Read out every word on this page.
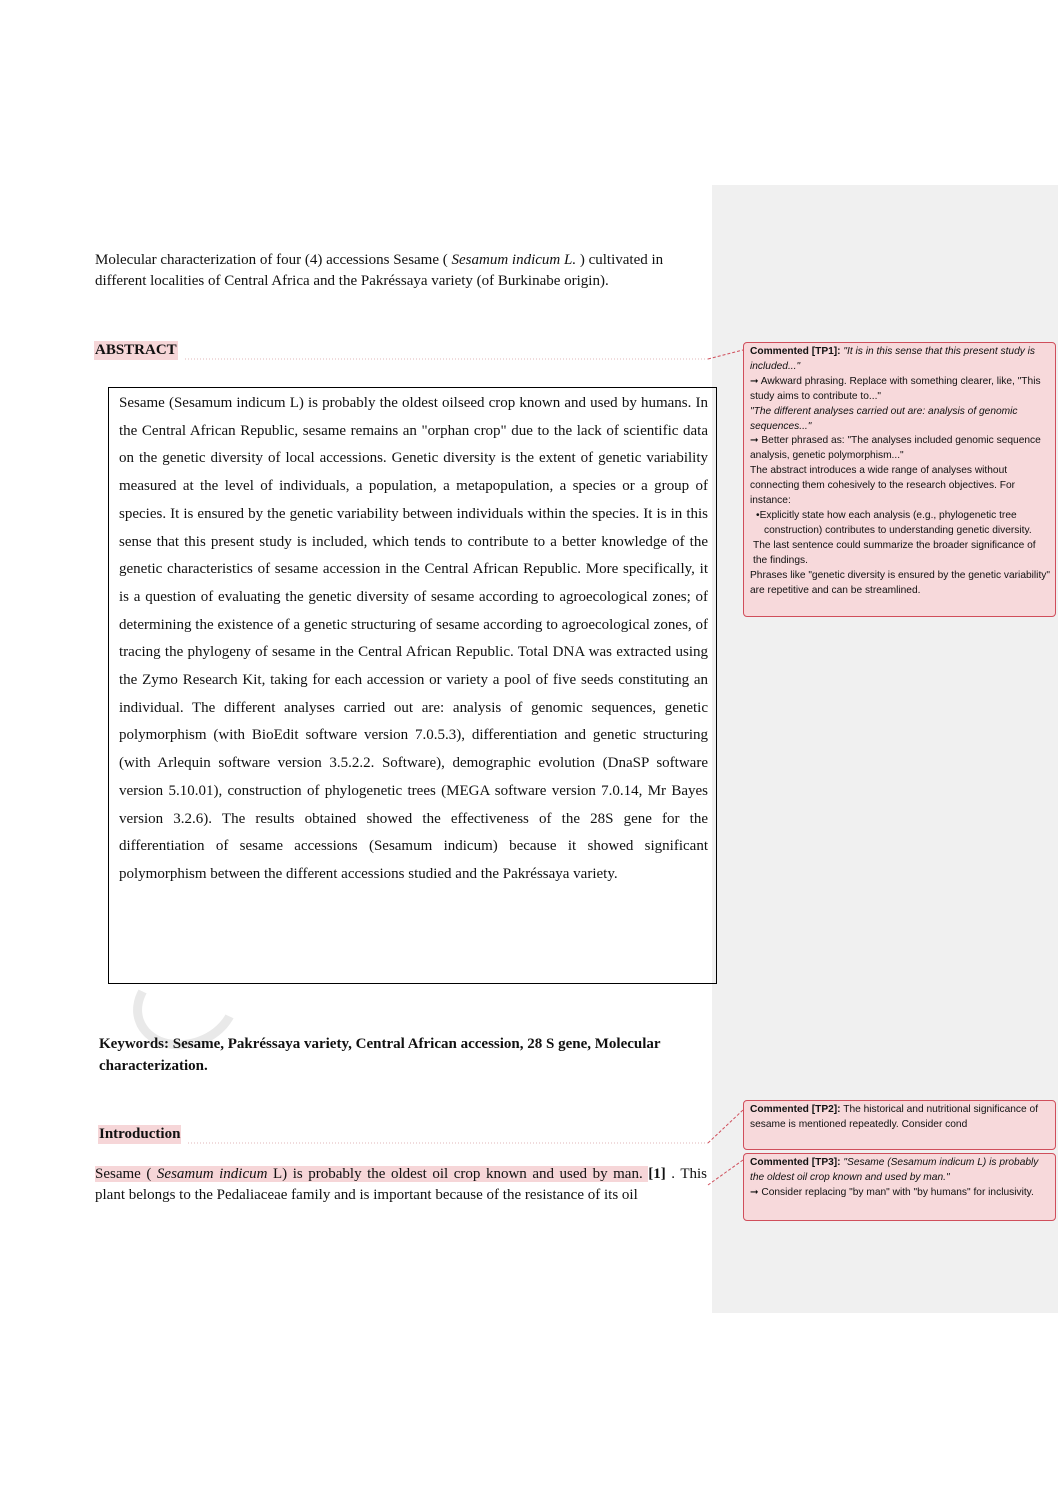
Molecular characterization of four (4) accessions Sesame ( Sesamum indicum L. ) cultivated in different localities of Central Africa and the Pakréssaya variety (of Burkinabe origin).
ABSTRACT

Sesame (Sesamum indicum L) is probably the oldest oilseed crop known and used by humans. In the Central African Republic, sesame remains an "orphan crop" due to the lack of scientific data on the genetic diversity of local accessions. Genetic diversity is the extent of genetic variability measured at the level of individuals, a population, a metapopulation, a species or a group of species. It is ensured by the genetic variability between individuals within the species. It is in this sense that this present study is included, which tends to contribute to a better knowledge of the genetic characteristics of sesame accession in the Central African Republic. More specifically, it is a question of evaluating the genetic diversity of sesame according to agroecological zones; of determining the existence of a genetic structuring of sesame according to agroecological zones, of tracing the phylogeny of sesame in the Central African Republic. Total DNA was extracted using the Zymo Research Kit, taking for each accession or variety a pool of five seeds constituting an individual. The different analyses carried out are: analysis of genomic sequences, genetic polymorphism (with BioEdit software version 7.0.5.3), differentiation and genetic structuring (with Arlequin software version 3.5.2.2. Software), demographic evolution (DnaSP software version 5.10.01), construction of phylogenetic trees (MEGA software version 7.0.14, Mr Bayes version 3.2.6). The results obtained showed the effectiveness of the 28S gene for the differentiation of sesame accessions (Sesamum indicum) because it showed significant polymorphism between the different accessions studied and the Pakréssaya variety.

Keywords: Sesame, Pakréssaya variety, Central African accession, 28 S gene, Molecular characterization.
Introduction

Sesame ( Sesamum indicum L) is probably the oldest oil crop known and used by man. [1] . This plant belongs to the Pedaliaceae family and is important because of the resistance of its oil

Commented [TP1]: "It is in this sense that this present study is included..."
➞ Awkward phrasing. Replace with something clearer, like, "This study aims to contribute to..."
"The different analyses carried out are: analysis of genomic sequences..."
➞ Better phrased as: "The analyses included genomic sequence analysis, genetic polymorphism..."
The abstract introduces a wide range of analyses without connecting them cohesively to the research objectives. For instance:
•Explicitly state how each analysis (e.g., phylogenetic tree construction) contributes to understanding genetic diversity.
The last sentence could summarize the broader significance of the findings.
Phrases like "genetic diversity is ensured by the genetic variability" are repetitive and can be streamlined.
Commented [TP2]: The historical and nutritional significance of sesame is mentioned repeatedly. Consider cond
Commented [TP3]: "Sesame (Sesamum indicum L) is probably the oldest oil crop known and used by man."
➞ Consider replacing "by man" with "by humans" for inclusivity.
